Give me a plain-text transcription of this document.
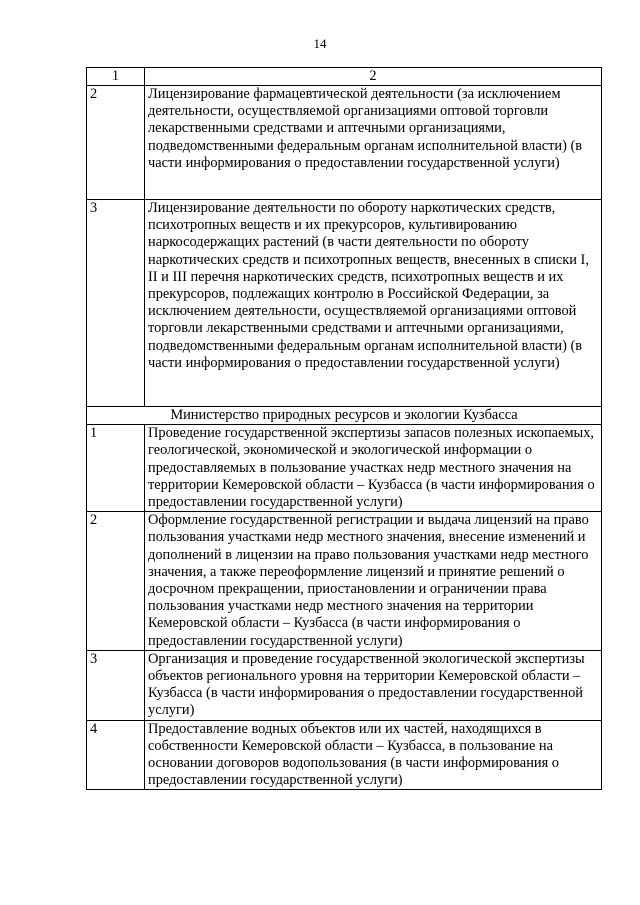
14
1	2
2	Лицензирование фармацевтической деятельности (за исключением деятельности, осуществляемой организациями оптовой торговли лекарственными средствами и аптечными организациями, подведомственными федеральным органам исполнительной власти) (в части информирования о предоставлении государственной услуги)
3	Лицензирование деятельности по обороту наркотических средств, психотропных веществ и их прекурсоров, культивированию наркосодержащих растений (в части деятельности по обороту наркотических средств и психотропных веществ, внесенных в списки I, II и III перечня наркотических средств, психотропных веществ и их прекурсоров, подлежащих контролю в Российской Федерации, за исключением деятельности, осуществляемой организациями оптовой торговли лекарственными средствами и аптечными организациями, подведомственными федеральным органам исполнительной власти) (в части информирования о предоставлении государственной услуги)
Министерство природных ресурсов и экологии Кузбасса	
1	Проведение государственной экспертизы запасов полезных ископаемых, геологической, экономической и экологической информации о предоставляемых в пользование участках недр местного значения на территории Кемеровской области – Кузбасса (в части информирования о предоставлении государственной услуги)
2	Оформление государственной регистрации и выдача лицензий на право пользования участками недр местного значения, внесение изменений и дополнений в лицензии на право пользования участками недр местного значения, а также переоформление лицензий и принятие решений о досрочном прекращении, приостановлении и ограничении права пользования участками недр местного значения на территории Кемеровской области – Кузбасса (в части информирования о предоставлении государственной услуги)
3	Организация и проведение государственной экологической экспертизы объектов регионального уровня на территории Кемеровской области – Кузбасса (в части информирования о предоставлении государственной услуги)
4	Предоставление водных объектов или их частей, находящихся в собственности Кемеровской области – Кузбасса, в пользование на основании договоров водопользования (в части информирования о предоставлении государственной услуги)
